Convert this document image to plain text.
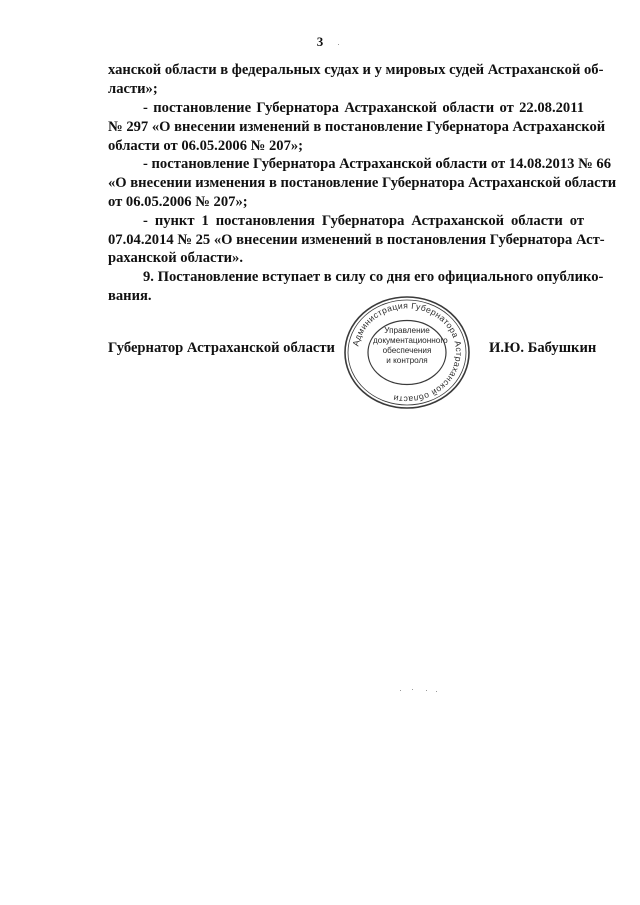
3
ханской области в федеральных судах и у мировых судей Астраханской об-
ласти»;
- постановление Губернатора Астраханской области от 22.08.2011
№ 297 «О внесении изменений в постановление Губернатора Астраханской
области от 06.05.2006 № 207»;
- постановление Губернатора Астраханской области от 14.08.2013 № 66
«О внесении изменения в постановление Губернатора Астраханской области
от 06.05.2006 № 207»;
- пункт 1 постановления Губернатора Астраханской области от
07.04.2014 № 25 «О внесении изменений в постановления Губернатора Аст-
раханской области».
9. Постановление вступает в силу со дня его официального опублико-
вания.
Губернатор Астраханской области	И.Ю. Бабушкин
Администрация Губернатора Астраханской области
Управление
документационного
обеспечения
и контроля
